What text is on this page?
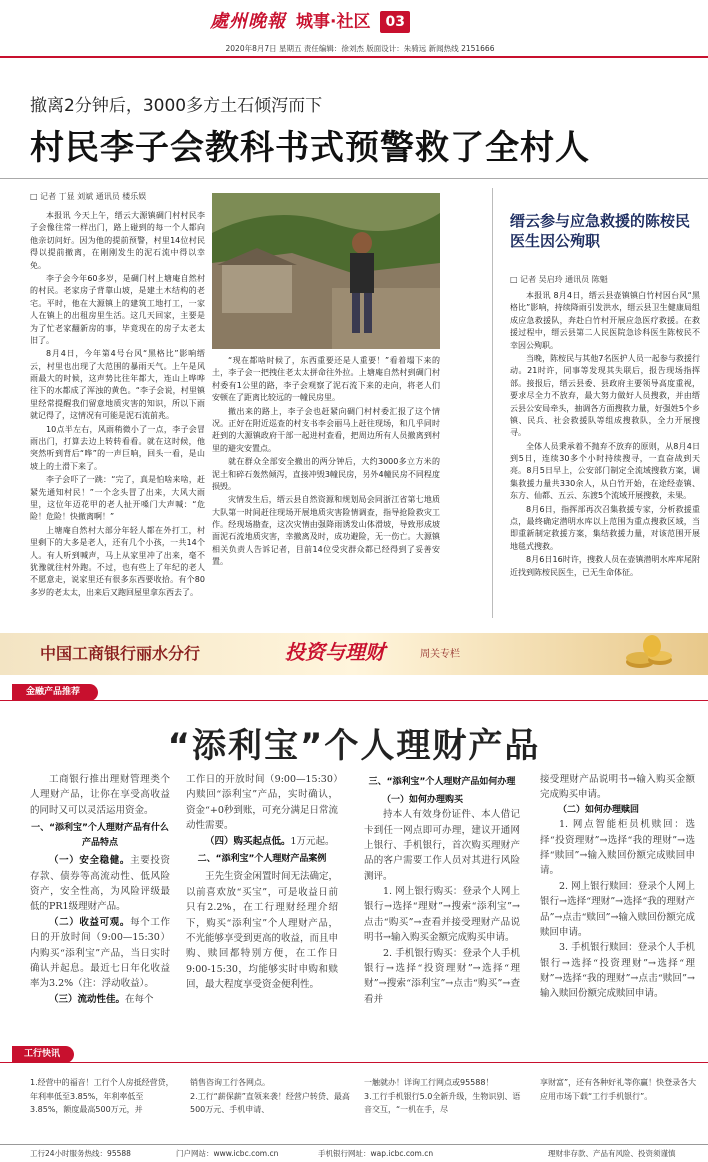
處州晚報 城事·社区	03
2020年8月7日 星期五 责任编辑：徐刘杰 版面设计：朱骑远 新闻热线 2151666
撤离2分钟后，3000多方土石倾泻而下
村民李子会教科书式预警救了全村人
□ 记者 丁显 刘斌 通讯员 楼乐娱

本报讯 今天上午，缙云大源镇碉门村村民李子会像往常一样出门，路上碰到的每一个人都向他亲切问好。因为他的提前预警，村里14位村民得以提前撤离，在刚刚发生的泥石流中得以幸免。

李子会今年60多岁，是碉门村上塘庵自然村的村民。老家房子背靠山坡，是建土木结构的老宅。平时，他在大源镇上的建筑工地打工，一家人在镇上的出租房里生活。这几天回家，主要是为了忙老家翻新房的事，毕竟现在的房子太老太旧了。

8月4日，今年第4号台风“黑格比”影响缙云，村里也出现了大范围的暴雨天气。上午是风雨最大的时候，这声势比往年都大，连山上哗哗往下的水都成了浑浊的黄色。“李子会说，村里镇里经常提醒我们留意地质灾害的知识，所以下雨就记得了，这情况有可能是泥石流前兆。

10点半左右，风雨稍微小了一点，李子会冒雨出门，打算去边上转转看看。就在这时候，他突然听到背后“哗”的一声巨响，回头一看，是山坡上的土滑下来了。

李子会吓了一跳：“完了，真是怕啥来啥，赶紧先通知村民！”一个念头冒了出来，大风大雨里，这位年迈花甲的老人扯开嗓门大声喊：“危险！危险！快撤离啊！”

上塘庵自然村大部分年轻人都在外打工，村里剩下的大多是老人，还有几个小孩，一共14个人。有人听到喊声，马上从家里冲了出来，毫不犹豫就往村外跑。不过，也有些上了年纪的老人不愿意走，说家里还有很多东西要收拾。有个80多岁的老太太，出来后又跑回屋里拿东西去了。

“现在都啥时候了，东西重要还是人重要！”看着塌下来的土，李子会一把拽住老太太拼命往外拉。上塘庵自然村到碉门村村委有1公里的路，李子会观察了泥石流下来的走向，将老人们安顿在了距离比较远的一幢民房里。

撤出来的路上，李子会也赶紧向碉门村村委汇报了这个情况。正好在附近巡查的村支书李会丽马上赶往现场，和几乎同时赶到的大源镇政府干部一起进村查看，把周边所有人员撤离到村里的避灾安置点。

就在群众全部安全撤出的两分钟后，大约3000多立方米的泥土和碎石轰然倾泻，直接冲毁3幢民房，另外4幢民房不同程度损毁。

灾情发生后，缙云县自然资源和规划局会同浙江省第七地质大队第一时间赶往现场开展地质灾害险情调查，指导抢险救灾工作。经现场勘查，这次灾情由强降雨诱发山体滑坡，导致形成坡面泥石流地质灾害，幸撤离及时，成功避险，无一伤亡。大源镇相关负责人告诉记者，目前14位受灾群众都已经得到了妥善安置。

缙云参与应急救援的陈桉民医生因公殉职
□ 记者 吴启玲 通讯员 陈魁

本报讯 8月4日，缙云县壶镇镇白竹村因台风“黑格比”影响，持续降雨引发洪水，缙云县卫生健康局组成应急救援队，奔赴白竹村开展应急医疗救援。在救援过程中，缙云县第二人民医院急诊科医生陈桉民不幸因公殉职。

当晚，陈桉民与其他7名医护人员一起参与救援行动。21时许，同事等发现其失联后，报告现场指挥部。接报后，缙云县委、县政府主要领导高度重视，要求尽全力不放弃，最大努力做好人员搜救，并由缙云县公安局牵头，抽调各方面搜救力量，好强姓5个乡镇、民兵、社会救援队等组成搜救队，全力开展搜寻。

全体人员秉承着不抛弃不放弃的原则，从8月4日到5日，连续30多个小时持续搜寻，一直奋战到天亮。8月5日早上，公安部门制定全流域搜救方案，调集救援力量共330余人，从白竹开始，在途经壶镇、东方、仙都、五云、东渡5个流域开展搜救，未果。

8月6日，指挥部再次召集救援专家，分析救援重点，最终确定潜明水库以上范围为重点搜救区域，当即重新制定救援方案，集结救援力量，对该范围开展地毯式搜救。

8月6日16时许，搜救人员在壶镇潜明水库库尾附近找到陈桉民医生，已无生命体征。

中国工商银行丽水分行	投资与理财	周关专栏
金融产品推荐
“添利宝”个人理财产品

工商银行推出理财管理类个人理财产品，让你在享受高收益的同时又可以灵活运用资金。

一、“添利宝”个人理财产品有什么产品特点

（一）安全稳健。主要投资存款、债券等高流动性、低风险资产，安全性高，为风险评级最低的PR1级理财产品。

（二）收益可观。每个工作日的开放时间（9:00—15:30）内购买“添利宝”产品，当日实时确认并起息。最近七日年化收益率为3.2%（注：浮动收益）。

（三）流动性佳。在每个

工作日的开放时间（9:00—15:30）内赎回“添利宝”产品，实时确认，资金“+0秒到账，可充分满足日常流动性需要。

（四）购买起点低。1万元起。

二、“添利宝”个人理财产品案例

王先生资金闲置时间无法确定，以前喜欢放“买宝”，可是收益日前只有2.2%，在工行理财经理介绍下，购买“添利宝”个人理财产品，不光能够享受到更高的收益，而且申购、赎回都特别方便，在工作日9:00-15:30，均能够实时申购和赎回，最大程度享受资金便利性。

三、“添利宝”个人理财产品如何办理
（一）如何办理购买

持本人有效身份证件、本人借记卡到任一网点即可办理，建议开通网上银行、手机银行，首次购买理财产品的客户需要工作人员对其进行风险测评。

1. 网上银行购买：登录个人网上银行→选择“理财”→搜索“添利宝”→点击“购买”→查看并接受理财产品说明书→输入购买金额完成购买申请。

2. 手机银行购买：登录个人手机银行→选择“投资理财”→选择“理财”→搜索“添利宝”→点击“购买”→查看并

接受理财产品说明书→输入购买金额完成购买申请。

（二）如何办理赎回

1. 网点智能柜员机赎回：选择“投资理财”→选择“我的理财”→选择“赎回”→输入赎回份额完成赎回申请。

2. 网上银行赎回：登录个人网上银行→选择“理财”→选择“我的理财产品”→点击“赎回”→输入赎回份额完成赎回申请。

3. 手机银行赎回：登录个人手机银行→选择“投资理财”→选择“理财”→选择“我的理财”→点击“赎回”→输入赎回份额完成赎回申请。

工行快讯
1.经营中的福音！工行个人房抵经营贷，年利率低至3.85%，年利率低至3.85%，额度最高500万元，并
销售咨询工行各网点。
2.工行“薪保薪”直领来袭！经营户转贷、最高500万元、手机申请、
一触就办！详询工行网点或95588！
3.工行手机银行5.0全新升级，生物识别、语音交互，“一机在手，尽
享财富”，还有各种好礼等你赢！快登录各大应用市场下载“工行手机银行”。
工行24小时服务热线：95588	门户网站：www.icbc.com.cn	手机银行网址：wap.icbc.com.cn	理财非存款、产品有风险、投资须谨慎
